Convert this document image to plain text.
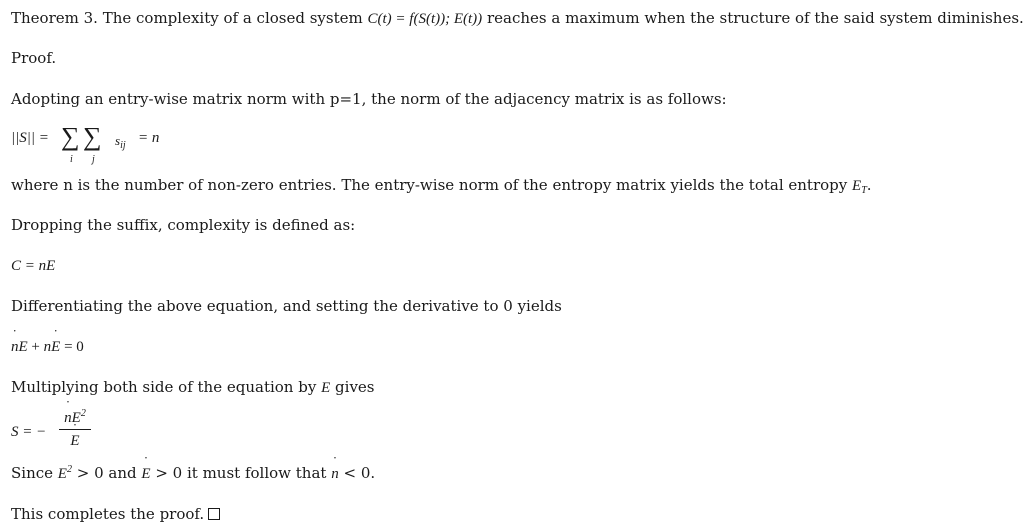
Theorem 3. The complexity of a closed system C(t) = f(S(t)); E(t)) reaches a maximum when the structure of the said system diminishes.
Proof.
Adopting an entry-wise matrix norm with p=1, the norm of the adjacency matrix is as follows:
||S|| = ∑
i
∑
j
$s_{ij} = n$
where n is the number of non-zero entries. The entry-wise norm of the entropy matrix yields the total entropy $E_T$.
Dropping the suffix, complexity is defined as:
C = nE
Differentiating the above equation, and setting the derivative to 0 yields
n ˙E + nE ˙ = 0
Multiplying both side of the equation by E gives
S = −
n $˙E^2$
E ˙
Since $E^2 > 0$ and E ˙ > 0 it must follow that n ˙ < 0.
This completes the proof.
